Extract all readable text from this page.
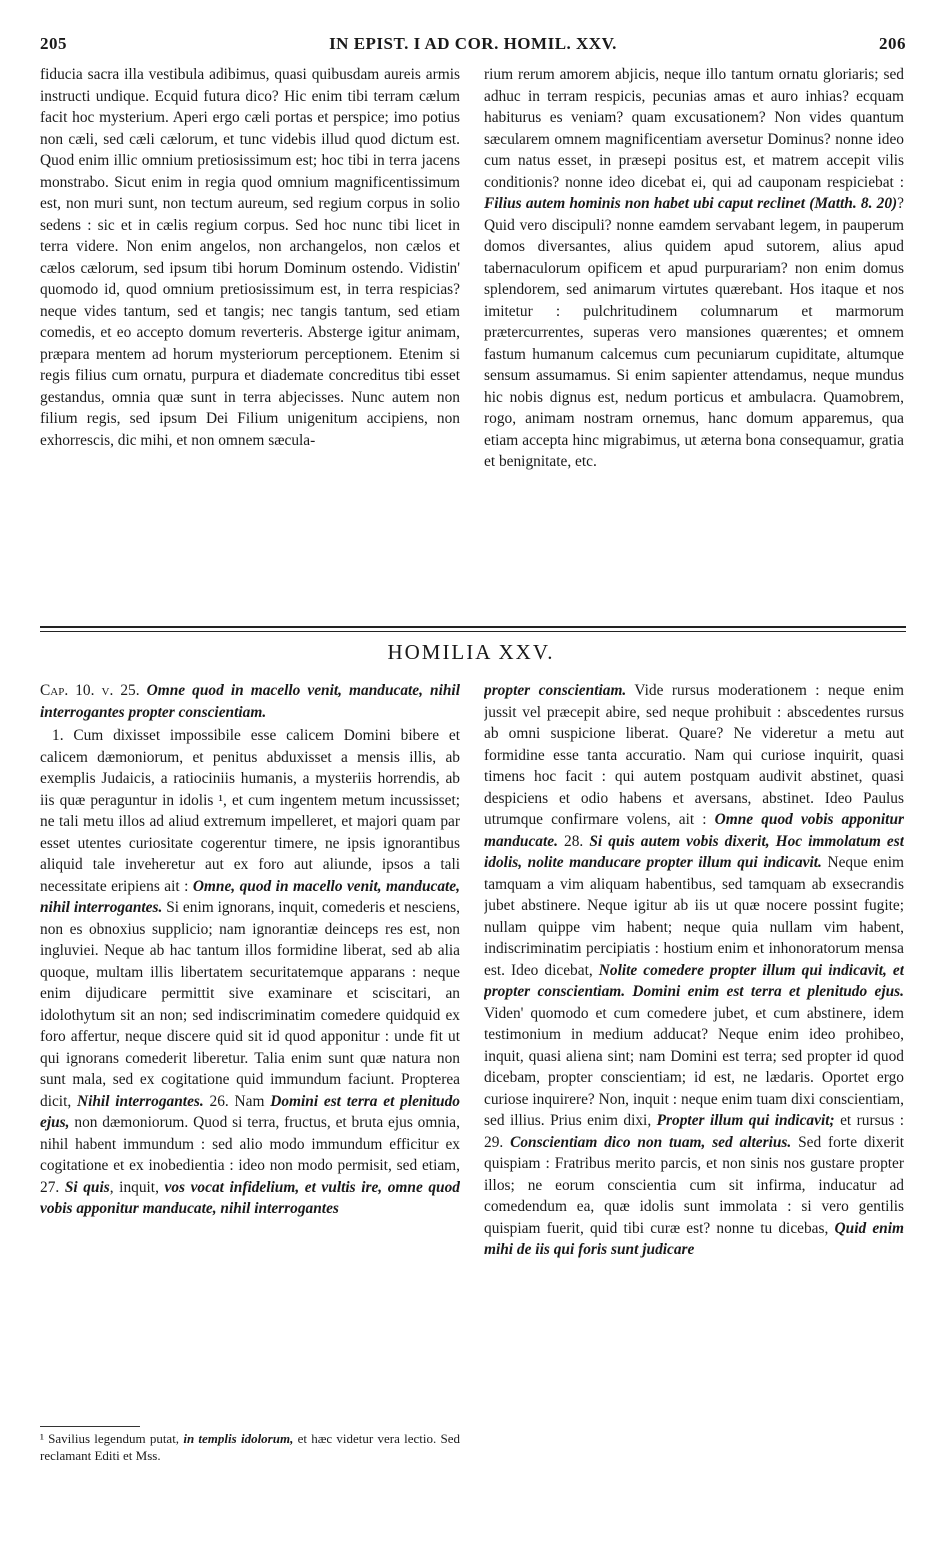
205	IN EPIST. I AD COR. HOMIL. XXV.	206

fiducia sacra illa vestibula adibimus, quasi quibusdam aureis armis instructi undique. Ecquid futura dico? Hic enim tibi terram cælum facit hoc mysterium. Aperi ergo cæli portas et perspice; imo potius non cæli, sed cæli cælorum, et tunc videbis illud quod dictum est. Quod enim illic omnium pretiosissimum est; hoc tibi in terra jacens monstrabo. Sicut enim in regia quod omnium magnificentissimum est, non muri sunt, non tectum aureum, sed regium corpus in solio sedens : sic et in cælis regium corpus. Sed hoc nunc tibi licet in terra videre. Non enim angelos, non archangelos, non cælos et cælos cælorum, sed ipsum tibi horum Dominum ostendo. Vidistin' quomodo id, quod omnium pretiosissimum est, in terra respicias? neque vides tantum, sed et tangis; nec tangis tantum, sed etiam comedis, et eo accepto domum reverteris. Absterge igitur animam, præpara mentem ad horum mysteriorum perceptionem. Etenim si regis filius cum ornatu, purpura et diademate concreditus tibi esset gestandus, omnia quæ sunt in terra abjecisses. Nunc autem non filium regis, sed ipsum Dei Filium unigenitum accipiens, non exhorrescis, dic mihi, et non omnem sæcula-

rium rerum amorem abjicis, neque illo tantum ornatu gloriaris; sed adhuc in terram respicis, pecunias amas et auro inhias? ecquam habiturus es veniam? quam excusationem? Non vides quantum sæcularem omnem magnificentiam aversetur Dominus? nonne ideo cum natus esset, in præsepi positus est, et matrem accepit vilis conditionis? nonne ideo dicebat ei, qui ad cauponam respiciebat : Filius autem hominis non habet ubi caput reclinet (Matth. 8. 20)? Quid vero discipuli? nonne eamdem servabant legem, in pauperum domos diversantes, alius quidem apud sutorem, alius apud tabernaculorum opificem et apud purpurariam? non enim domus splendorem, sed animarum virtutes quærebant. Hos itaque et nos imitetur : pulchritudinem columnarum et marmorum prætercurrentes, superas vero mansiones quærentes; et omnem fastum humanum calcemus cum pecuniarum cupiditate, altumque sensum assumamus. Si enim sapienter attendamus, neque mundus hic nobis dignus est, nedum porticus et ambulacra. Quamobrem, rogo, animam nostram ornemus, hanc domum apparemus, qua etiam accepta hinc migrabimus, ut æterna bona consequamur, gratia et benignitate, etc.

HOMILIA XXV.

Cap. 10. v. 25. Omne quod in macello venit, manducate, nihil interrogantes propter conscientiam.

1. Cum dixisset impossibile esse calicem Domini bibere et calicem dæmoniorum, et penitus abduxisset a mensis illis, ab exemplis Judaicis, a ratiociniis humanis, a mysteriis horrendis, ab iis quæ peraguntur in idolis ¹, et cum ingentem metum incussisset; ne tali metu illos ad aliud extremum impelleret, et majori quam par esset utentes curiositate cogerentur timere, ne ipsis ignorantibus aliquid tale inveheretur aut ex foro aut aliunde, ipsos a tali necessitate eripiens ait : Omne, quod in macello venit, manducate, nihil interrogantes. Si enim ignorans, inquit, comederis et nesciens, non es obnoxius supplicio; nam ignorantiæ deinceps res est, non ingluviei. Neque ab hac tantum illos formidine liberat, sed ab alia quoque, multam illis libertatem securitatemque apparans : neque enim dijudicare permittit sive examinare et sciscitari, an idolothytum sit an non; sed indiscriminatim comedere quidquid ex foro affertur, neque discere quid sit id quod apponitur : unde fit ut qui ignorans comederit liberetur. Talia enim sunt quæ natura non sunt mala, sed ex cogitatione quid immundum faciunt. Propterea dicit, Nihil interrogantes. 26. Nam Domini est terra et plenitudo ejus, non dæmoniorum. Quod si terra, fructus, et bruta ejus omnia, nihil habent immundum : sed alio modo immundum efficitur ex cogitatione et ex inobedientia : ideo non modo permisit, sed etiam, 27. Si quis, inquit, vos vocat infidelium, et vultis ire, omne quod vobis apponitur manducate, nihil interrogantes

¹ Savilius legendum putat, in templis idolorum, et hæc videtur vera lectio. Sed reclamant Editi et Mss.

propter conscientiam. Vide rursus moderationem : neque enim jussit vel præcepit abire, sed neque prohibuit : abscedentes rursus ab omni suspicione liberat. Quare? Ne videretur a metu aut formidine esse tanta accuratio. Nam qui curiose inquirit, quasi timens hoc facit : qui autem postquam audivit abstinet, quasi despiciens et odio habens et aversans, abstinet. Ideo Paulus utrumque confirmare volens, ait : Omne quod vobis apponitur manducate. 28. Si quis autem vobis dixerit, Hoc immolatum est idolis, nolite manducare propter illum qui indicavit. Neque enim tamquam a vim aliquam habentibus, sed tamquam ab exsecrandis jubet abstinere. Neque igitur ab iis ut quæ nocere possint fugite; nullam quippe vim habent; neque quia nullam vim habent, indiscriminatim percipiatis : hostium enim et inhonoratorum mensa est. Ideo dicebat, Nolite comedere propter illum qui indicavit, et propter conscientiam. Domini enim est terra et plenitudo ejus. Viden' quomodo et cum comedere jubet, et cum abstinere, idem testimonium in medium adducat? Neque enim ideo prohibeo, inquit, quasi aliena sint; nam Domini est terra; sed propter id quod dicebam, propter conscientiam; id est, ne lædaris. Oportet ergo curiose inquirere? Non, inquit : neque enim tuam dixi conscientiam, sed illius. Prius enim dixi, Propter illum qui indicavit; et rursus : 29. Conscientiam dico non tuam, sed alterius. Sed forte dixerit quispiam : Fratribus merito parcis, et non sinis nos gustare propter illos; ne eorum conscientia cum sit infirma, inducatur ad comedendum ea, quæ idolis sunt immolata : si vero gentilis quispiam fuerit, quid tibi curæ est? nonne tu dicebas, Quid enim mihi de iis qui foris sunt judicare
